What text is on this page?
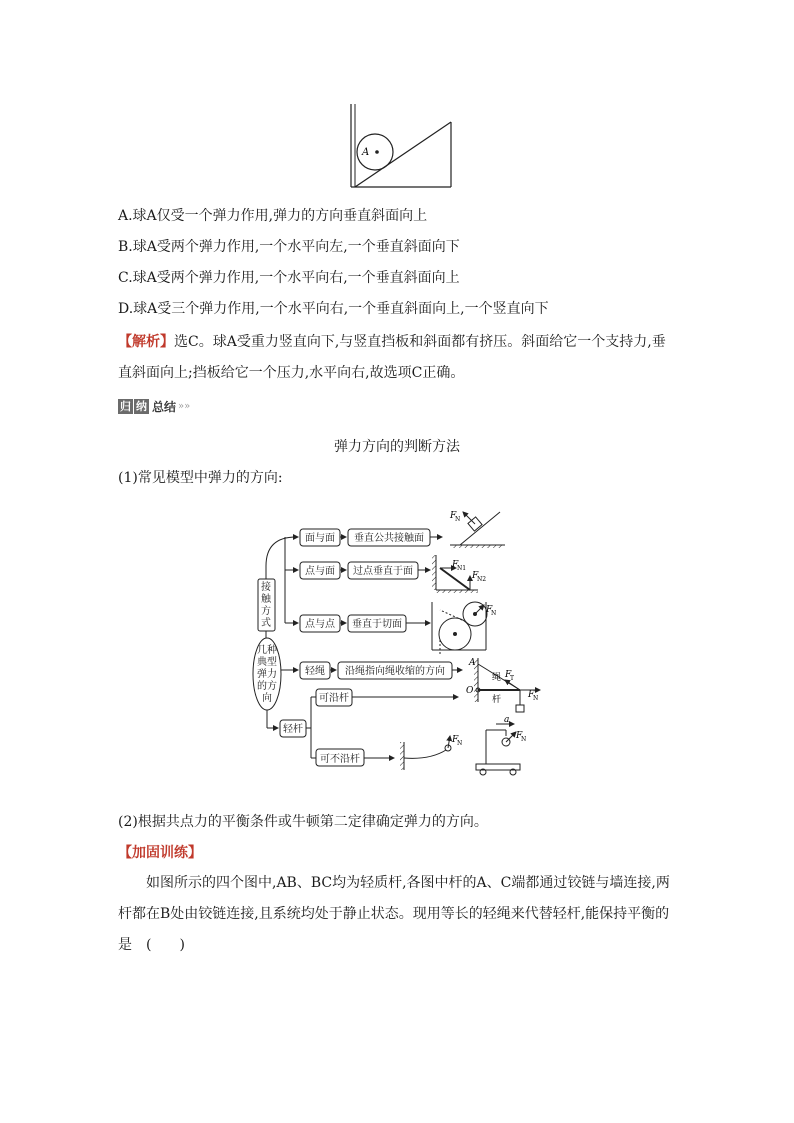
A
A.球A仅受一个弹力作用,弹力的方向垂直斜面向上
B.球A受两个弹力作用,一个水平向左,一个垂直斜面向下
C.球A受两个弹力作用,一个水平向右,一个垂直斜面向上
D.球A受三个弹力作用,一个水平向右,一个垂直斜面向上,一个竖直向下
【解析】选C。球A受重力竖直向下,与竖直挡板和斜面都有挤压。斜面给它一个支持力,垂
直斜面向上;挡板给它一个压力,水平向右,故选项C正确。
归 纳 总结 »»
弹力方向的判断方法
(1)常见模型中弹力的方向:
接
触
方
式
几种
典型
弹力
的方
向
面与面
点与面
点与点
轻绳
轻杆
可沿杆
可不沿杆
垂直公共接触面
过点垂直于面
垂直于切面
沿绳指向绳收缩的方向
F
N
F
N1
F
N2
F
N
A
O
绳
杆
F
T
F
N
F
N
a
F
N
(2)根据共点力的平衡条件或牛顿第二定律确定弹力的方向。
【加固训练】
如图所示的四个图中,AB、BC均为轻质杆,各图中杆的A、C端都通过铰链与墙连接,两
杆都在B处由铰链连接,且系统均处于静止状态。现用等长的轻绳来代替轻杆,能保持平衡的
是　(　　)
